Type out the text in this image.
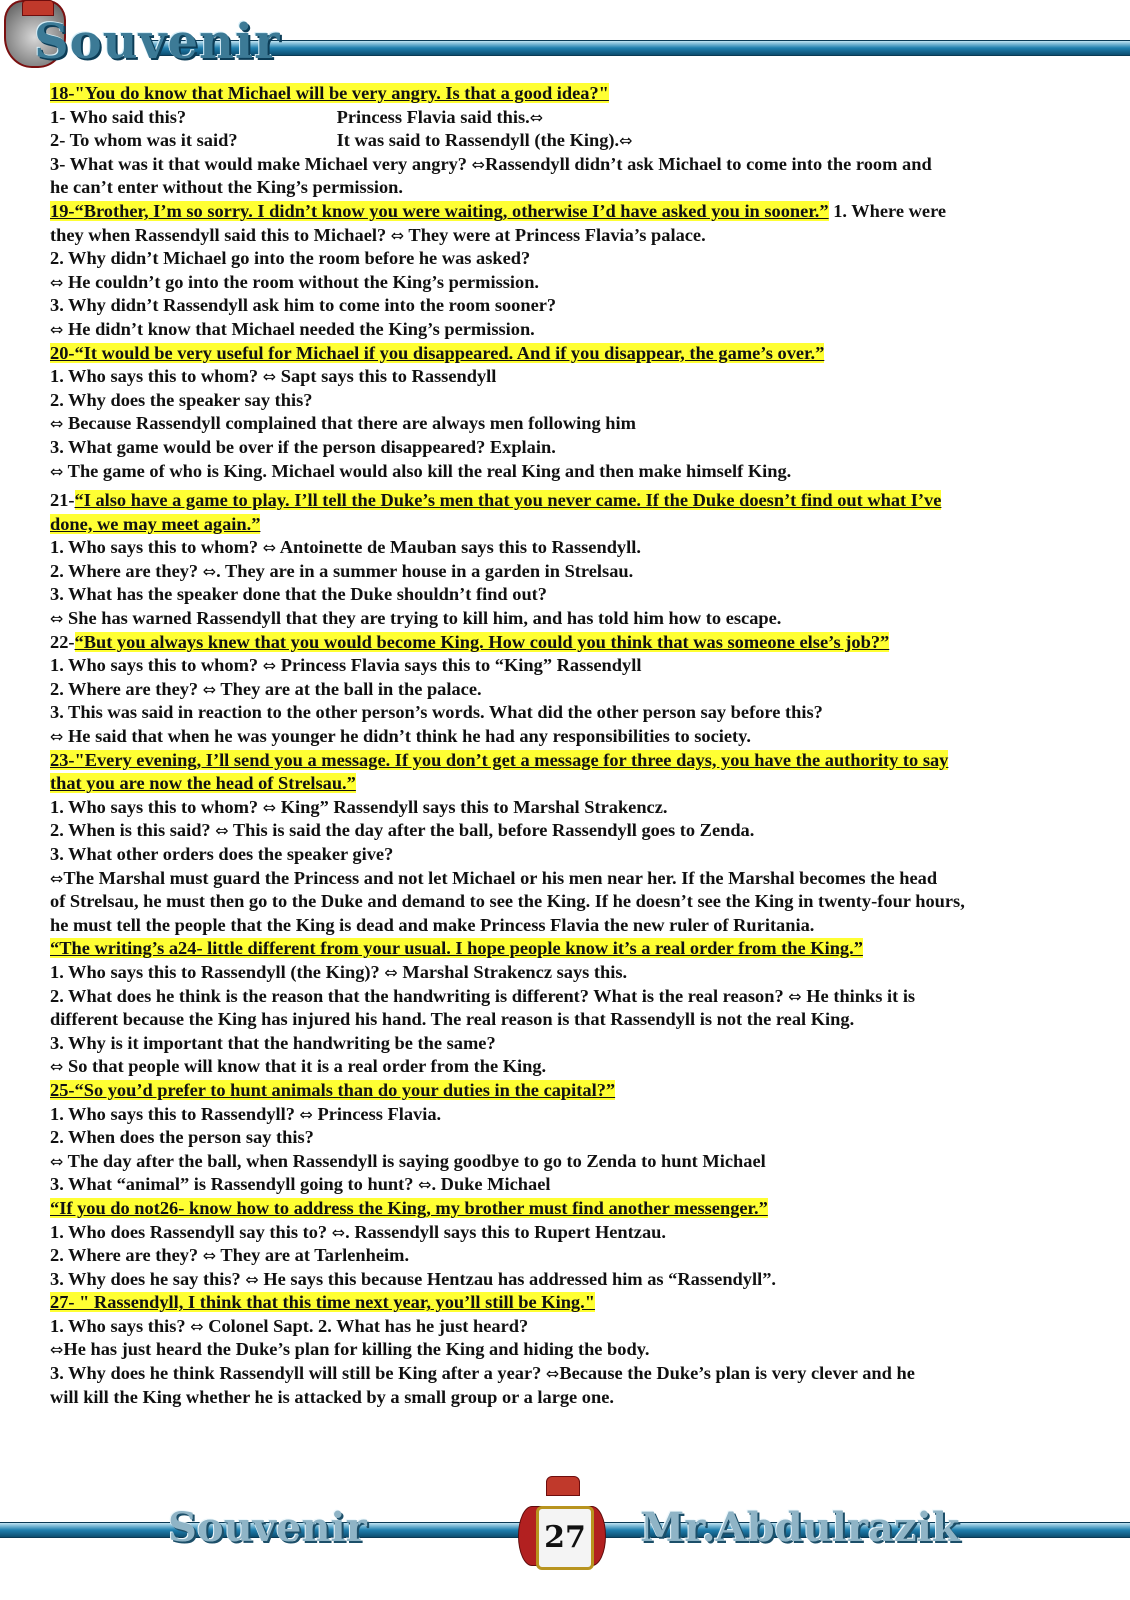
Souvenir
18-"You do know that Michael will be very angry. Is that a good idea?"
1- Who said this?	Princess Flavia said this.⇔
2- To whom was it said?	It was said to Rassendyll (the King).⇔
3- What was it that would make Michael very angry? ⇔Rassendyll didn’t ask Michael to come into the room and
he can’t enter without the King’s permission.
19-“Brother, I’m so sorry. I didn’t know you were waiting, otherwise I’d have asked you in sooner.” 1. Where were
they when Rassendyll said this to Michael? ⇔ They were at Princess Flavia’s palace.
2. Why didn’t Michael go into the room before he was asked?
⇔ He couldn’t go into the room without the King’s permission.
3. Why didn’t Rassendyll ask him to come into the room sooner?
⇔ He didn’t know that Michael needed the King’s permission.
20-“It would be very useful for Michael if you disappeared. And if you disappear, the game’s over.”
1. Who says this to whom? ⇔ Sapt says this to Rassendyll
2. Why does the speaker say this?
⇔ Because Rassendyll complained that there are always men following him
3. What game would be over if the person disappeared? Explain.
⇔ The game of who is King. Michael would also kill the real King and then make himself King.
21-“I also have a game to play. I’ll tell the Duke’s men that you never came. If the Duke doesn’t find out what I’ve
done, we may meet again.”
1. Who says this to whom? ⇔ Antoinette de Mauban says this to Rassendyll.
2. Where are they? ⇔. They are in a summer house in a garden in Strelsau.
3. What has the speaker done that the Duke shouldn’t find out?
⇔ She has warned Rassendyll that they are trying to kill him, and has told him how to escape.
22-“But you always knew that you would become King. How could you think that was someone else’s job?”
1. Who says this to whom? ⇔ Princess Flavia says this to “King” Rassendyll
2. Where are they? ⇔ They are at the ball in the palace.
3. This was said in reaction to the other person’s words. What did the other person say before this?
⇔ He said that when he was younger he didn’t think he had any responsibilities to society.
23-"Every evening, I’ll send you a message. If you don’t get a message for three days, you have the authority to say
that you are now the head of Strelsau.”
1. Who says this to whom? ⇔ King” Rassendyll says this to Marshal Strakencz.
2. When is this said? ⇔ This is said the day after the ball, before Rassendyll goes to Zenda.
3. What other orders does the speaker give?
⇔The Marshal must guard the Princess and not let Michael or his men near her. If the Marshal becomes the head
of Strelsau, he must then go to the Duke and demand to see the King. If he doesn’t see the King in twenty-four hours,
he must tell the people that the King is dead and make Princess Flavia the new ruler of Ruritania.
“The writing’s a24- little different from your usual. I hope people know it’s a real order from the King.”
1. Who says this to Rassendyll (the King)? ⇔ Marshal Strakencz says this.
2. What does he think is the reason that the handwriting is different? What is the real reason? ⇔ He thinks it is
different because the King has injured his hand. The real reason is that Rassendyll is not the real King.
3. Why is it important that the handwriting be the same?
⇔ So that people will know that it is a real order from the King.
25-“So you’d prefer to hunt animals than do your duties in the capital?”
1. Who says this to Rassendyll? ⇔ Princess Flavia.
2. When does the person say this?
⇔ The day after the ball, when Rassendyll is saying goodbye to go to Zenda to hunt Michael
3. What “animal” is Rassendyll going to hunt? ⇔. Duke Michael
“If you do not26- know how to address the King, my brother must find another messenger.”
1. Who does Rassendyll say this to? ⇔. Rassendyll says this to Rupert Hentzau.
2. Where are they? ⇔ They are at Tarlenheim.
3. Why does he say this? ⇔ He says this because Hentzau has addressed him as “Rassendyll”.
27- " Rassendyll, I think that this time next year, you’ll still be King."
1. Who says this? ⇔ Colonel Sapt. 2. What has he just heard?
⇔He has just heard the Duke’s plan for killing the King and hiding the body.
3. Why does he think Rassendyll will still be King after a year? ⇔Because the Duke’s plan is very clever and he
will kill the King whether he is attacked by a small group or a large one.
Souvenir	Mr.Abdulrazik
27
